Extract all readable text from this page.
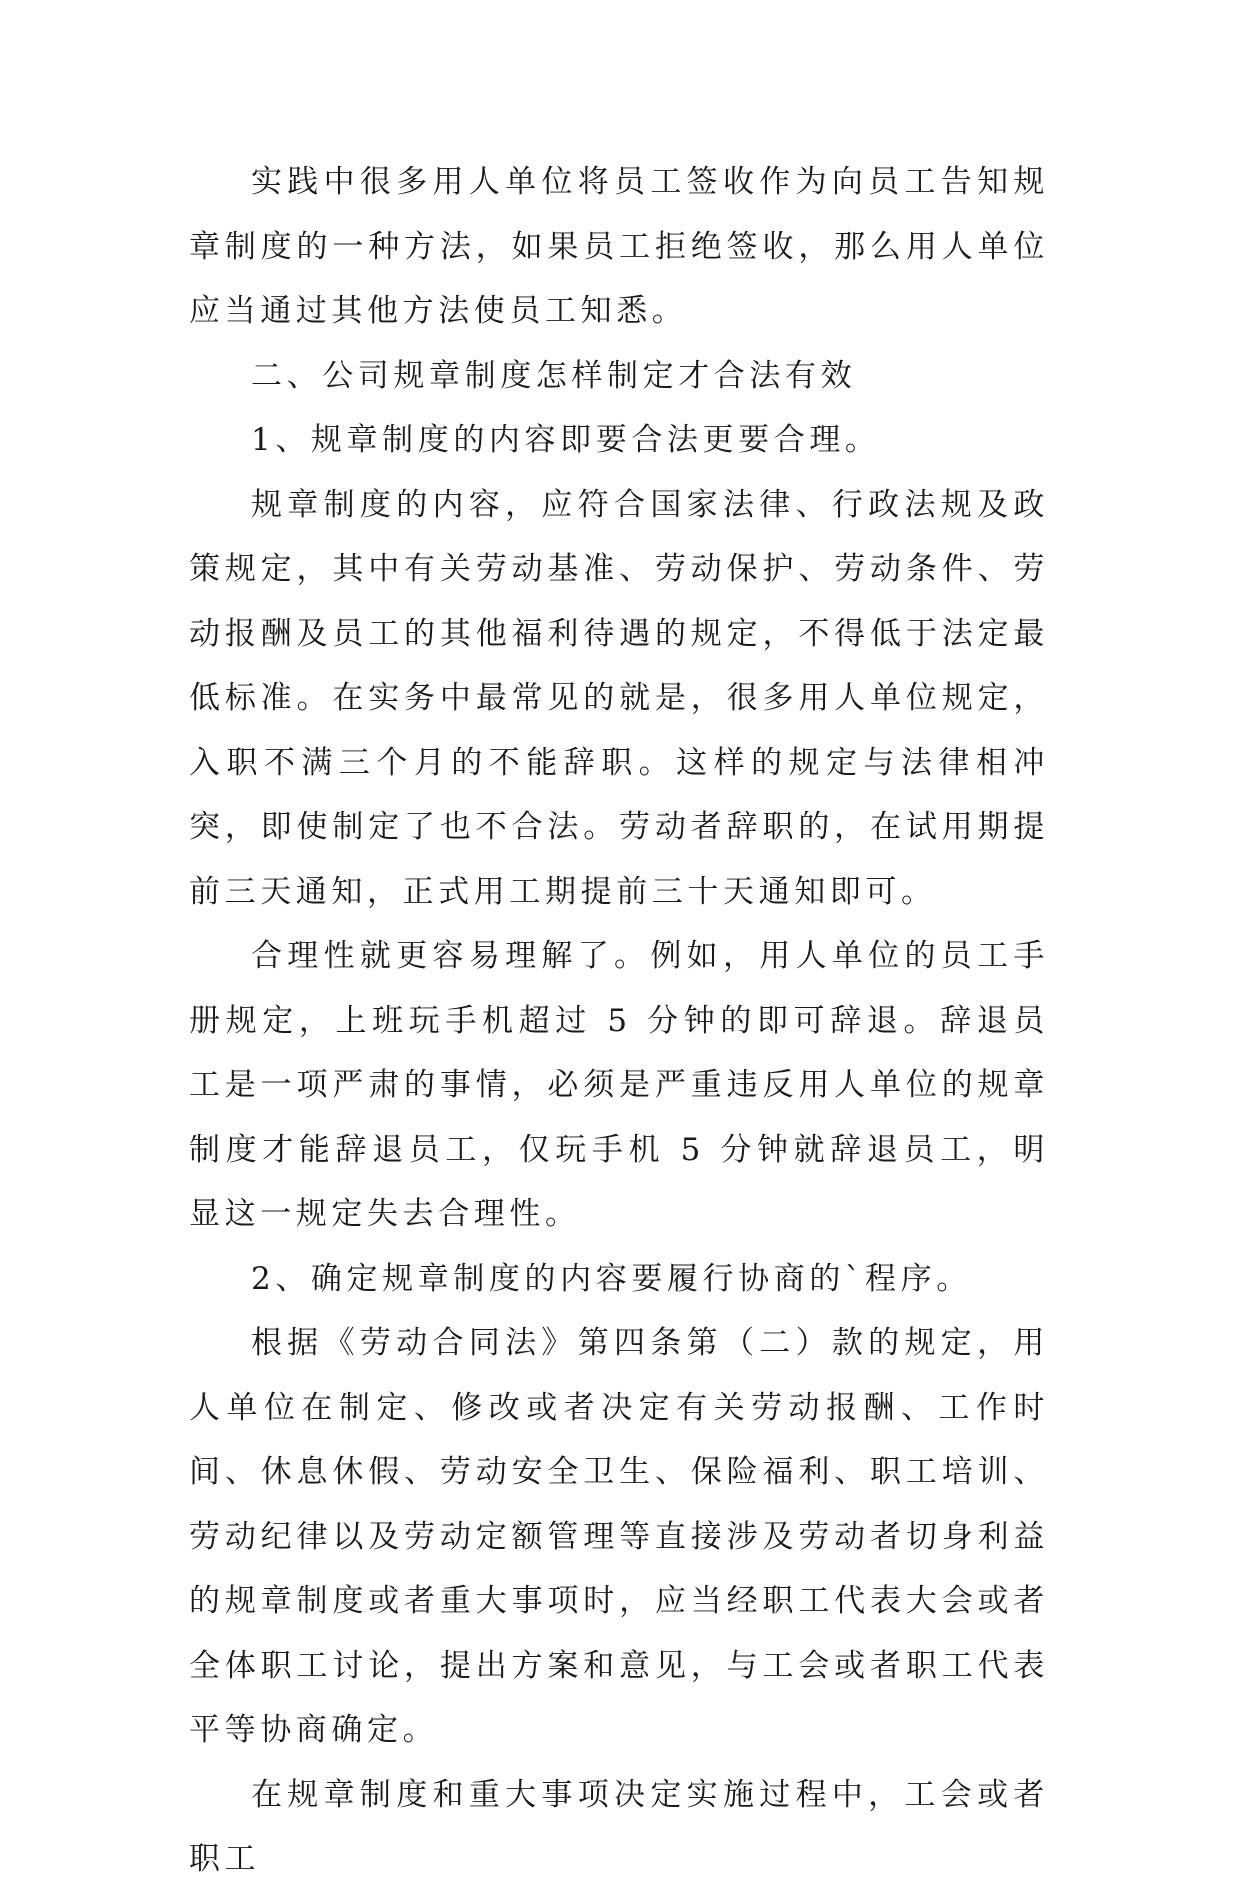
实践中很多用人单位将员工签收作为向员工告知规章制度的一种方法，如果员工拒绝签收，那么用人单位应当通过其他方法使员工知悉。

二、公司规章制度怎样制定才合法有效

1、规章制度的内容即要合法更要合理。

规章制度的内容，应符合国家法律、行政法规及政策规定，其中有关劳动基准、劳动保护、劳动条件、劳动报酬及员工的其他福利待遇的规定，不得低于法定最低标准。在实务中最常见的就是，很多用人单位规定，入职不满三个月的不能辞职。这样的规定与法律相冲突，即使制定了也不合法。劳动者辞职的，在试用期提前三天通知，正式用工期提前三十天通知即可。

合理性就更容易理解了。例如，用人单位的员工手册规定，上班玩手机超过 5 分钟的即可辞退。辞退员工是一项严肃的事情，必须是严重违反用人单位的规章制度才能辞退员工，仅玩手机 5 分钟就辞退员工，明显这一规定失去合理性。

2、确定规章制度的内容要履行协商的`程序。

根据《劳动合同法》第四条第（二）款的规定，用人单位在制定、修改或者决定有关劳动报酬、工作时间、休息休假、劳动安全卫生、保险福利、职工培训、劳动纪律以及劳动定额管理等直接涉及劳动者切身利益的规章制度或者重大事项时，应当经职工代表大会或者全体职工讨论，提出方案和意见，与工会或者职工代表平等协商确定。

在规章制度和重大事项决定实施过程中，工会或者职工
